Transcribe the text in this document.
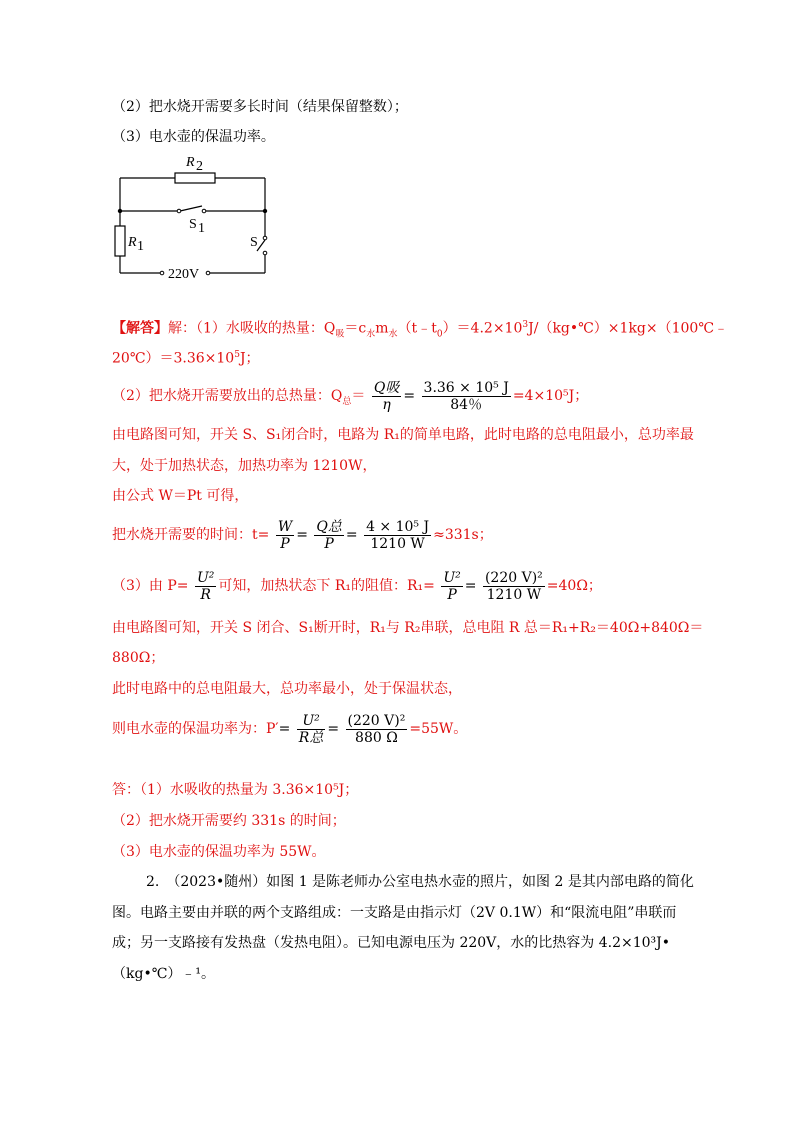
（2）把水烧开需要多长时间（结果保留整数）；
（3）电水壶的保温功率。
R 2
R 1
S 1
S
220V
【解答】解：（1）水吸收的热量：$Q_吸=c_水m_水(t﹣t_0)=4.2\times 10^3J/(kg•℃)\times 1kg\times(100℃﹣$
$20℃)=3.36\times 10^5J$；
（2）把水烧开需要放出的总热量：$Q_总= \frac{\text{Q吸}}{\eta} = \frac{\text{3.36 × 10⁵ J}}{84\%} =4\times 10^5J$；
由电路图可知，开关 S、S₁闭合时，电路为 R₁的简单电路，此时电路的总电阻最小，总功率最
大，处于加热状态，加热功率为 1210W，
由公式 W＝Pt 可得，
把水烧开需要的时间：$t= \frac{W}{P} = \frac{\text{Q总}}{P} = \frac{\text{4 × 10⁵ J}}{1210 W} \approx 331s$；
（3）由 $P= \frac{\text{U²}}{R}$ 可知，加热状态下 R₁的阻值：$R_1= \frac{\text{U²}}{P} = \frac{\text{(220 V)²}}{1210 W} =40\Omega$；
由电路图可知，开关 S 闭合、S₁断开时，R₁与 R₂串联，总电阻 R 总＝R₁+R₂＝40Ω+840Ω＝
880Ω；
此时电路中的总电阻最大，总功率最小，处于保温状态，
则电水壶的保温功率为：$P'= \frac{\text{U²}}{\text{R总}} = \frac{\text{(220 V)²}}{880 \Omega} =55W$。
答：（1）水吸收的热量为 3.36×10⁵J；
（2）把水烧开需要约 331s 的时间；
（3）电水壶的保温功率为 55W。
2.　（2023•随州）如图 1 是陈老师办公室电热水壶的照片，如图 2 是其内部电路的简化
图。电路主要由并联的两个支路组成：一支路是由指示灯（2V 0.1W）和“限流电阻”串联而
成；另一支路接有发热盘（发热电阻）。已知电源电压为 220V，水的比热容为 4.2×10³J•
（kg•℃）﹣¹。
